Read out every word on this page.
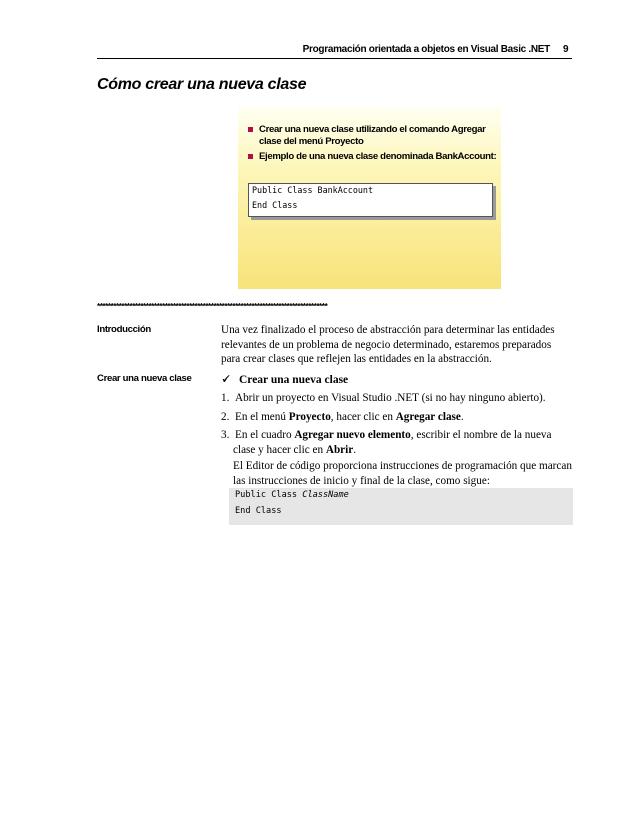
Programación orientada a objetos en Visual Basic .NET 9
Cómo crear una nueva clase
Crear una nueva clase utilizando el comando Agregar clase del menú Proyecto
Ejemplo de una nueva clase denominada BankAccount:
Public Class BankAccount
End Class
*************************************************************************************
Introducción	Una vez finalizado el proceso de abstracción para determinar las entidades relevantes de un problema de negocio determinado, estaremos preparados para crear clases que reflejen las entidades en la abstracción.
Crear una nueva clase 🗸 Crear una nueva clase
1. Abrir un proyecto en Visual Studio .NET (si no hay ninguno abierto).
2. En el menú Proyecto, hacer clic en Agregar clase.
3. En el cuadro Agregar nuevo elemento, escribir el nombre de la nueva clase y hacer clic en Abrir.
El Editor de código proporciona instrucciones de programación que marcan las instrucciones de inicio y final de la clase, como sigue:
Public Class ClassName
End Class
